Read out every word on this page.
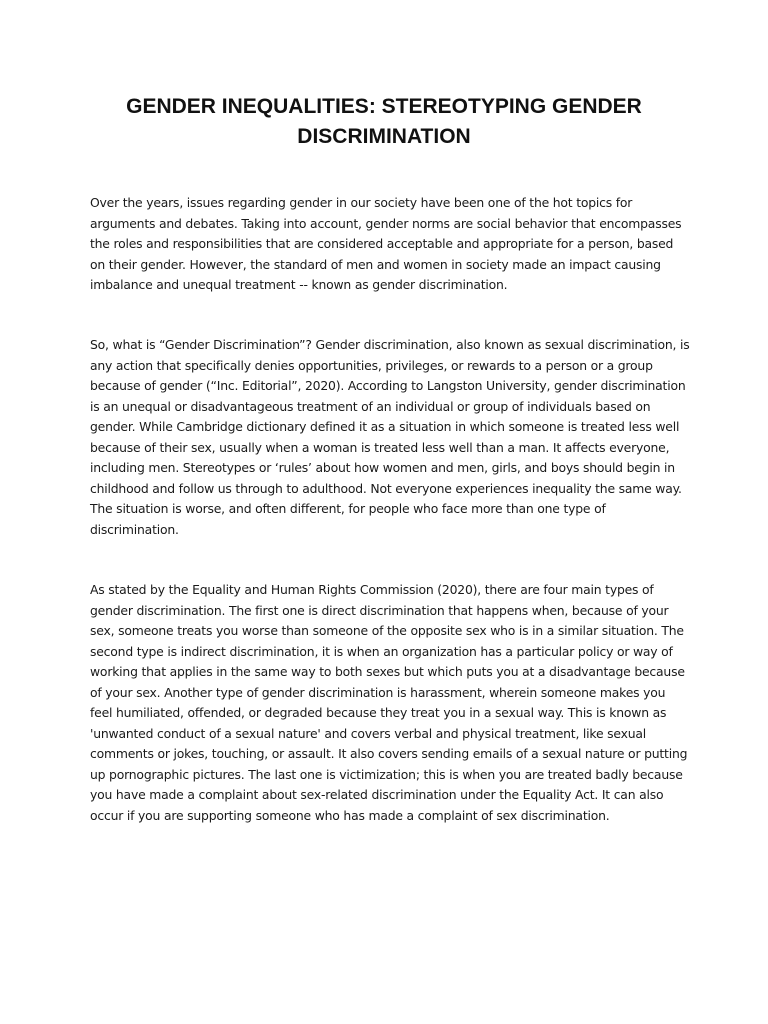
GENDER INEQUALITIES: STEREOTYPING GENDER DISCRIMINATION

Over the years, issues regarding gender in our society have been one of the hot topics for arguments and debates. Taking into account, gender norms are social behavior that encompasses the roles and responsibilities that are considered acceptable and appropriate for a person, based on their gender. However, the standard of men and women in society made an impact causing imbalance and unequal treatment -- known as gender discrimination.

So, what is “Gender Discrimination”? Gender discrimination, also known as sexual discrimination, is any action that specifically denies opportunities, privileges, or rewards to a person or a group because of gender (“Inc. Editorial”, 2020). According to Langston University, gender discrimination is an unequal or disadvantageous treatment of an individual or group of individuals based on gender. While Cambridge dictionary defined it as a situation in which someone is treated less well because of their sex, usually when a woman is treated less well than a man. It affects everyone, including men. Stereotypes or ‘rules’ about how women and men, girls, and boys should begin in childhood and follow us through to adulthood. Not everyone experiences inequality the same way. The situation is worse, and often different, for people who face more than one type of discrimination.

As stated by the Equality and Human Rights Commission (2020), there are four main types of gender discrimination. The first one is direct discrimination that happens when, because of your sex, someone treats you worse than someone of the opposite sex who is in a similar situation. The second type is indirect discrimination, it is when an organization has a particular policy or way of working that applies in the same way to both sexes but which puts you at a disadvantage because of your sex. Another type of gender discrimination is harassment, wherein someone makes you feel humiliated, offended, or degraded because they treat you in a sexual way. This is known as 'unwanted conduct of a sexual nature' and covers verbal and physical treatment, like sexual comments or jokes, touching, or assault. It also covers sending emails of a sexual nature or putting up pornographic pictures. The last one is victimization; this is when you are treated badly because you have made a complaint about sex-related discrimination under the Equality Act. It can also occur if you are supporting someone who has made a complaint of sex discrimination.
